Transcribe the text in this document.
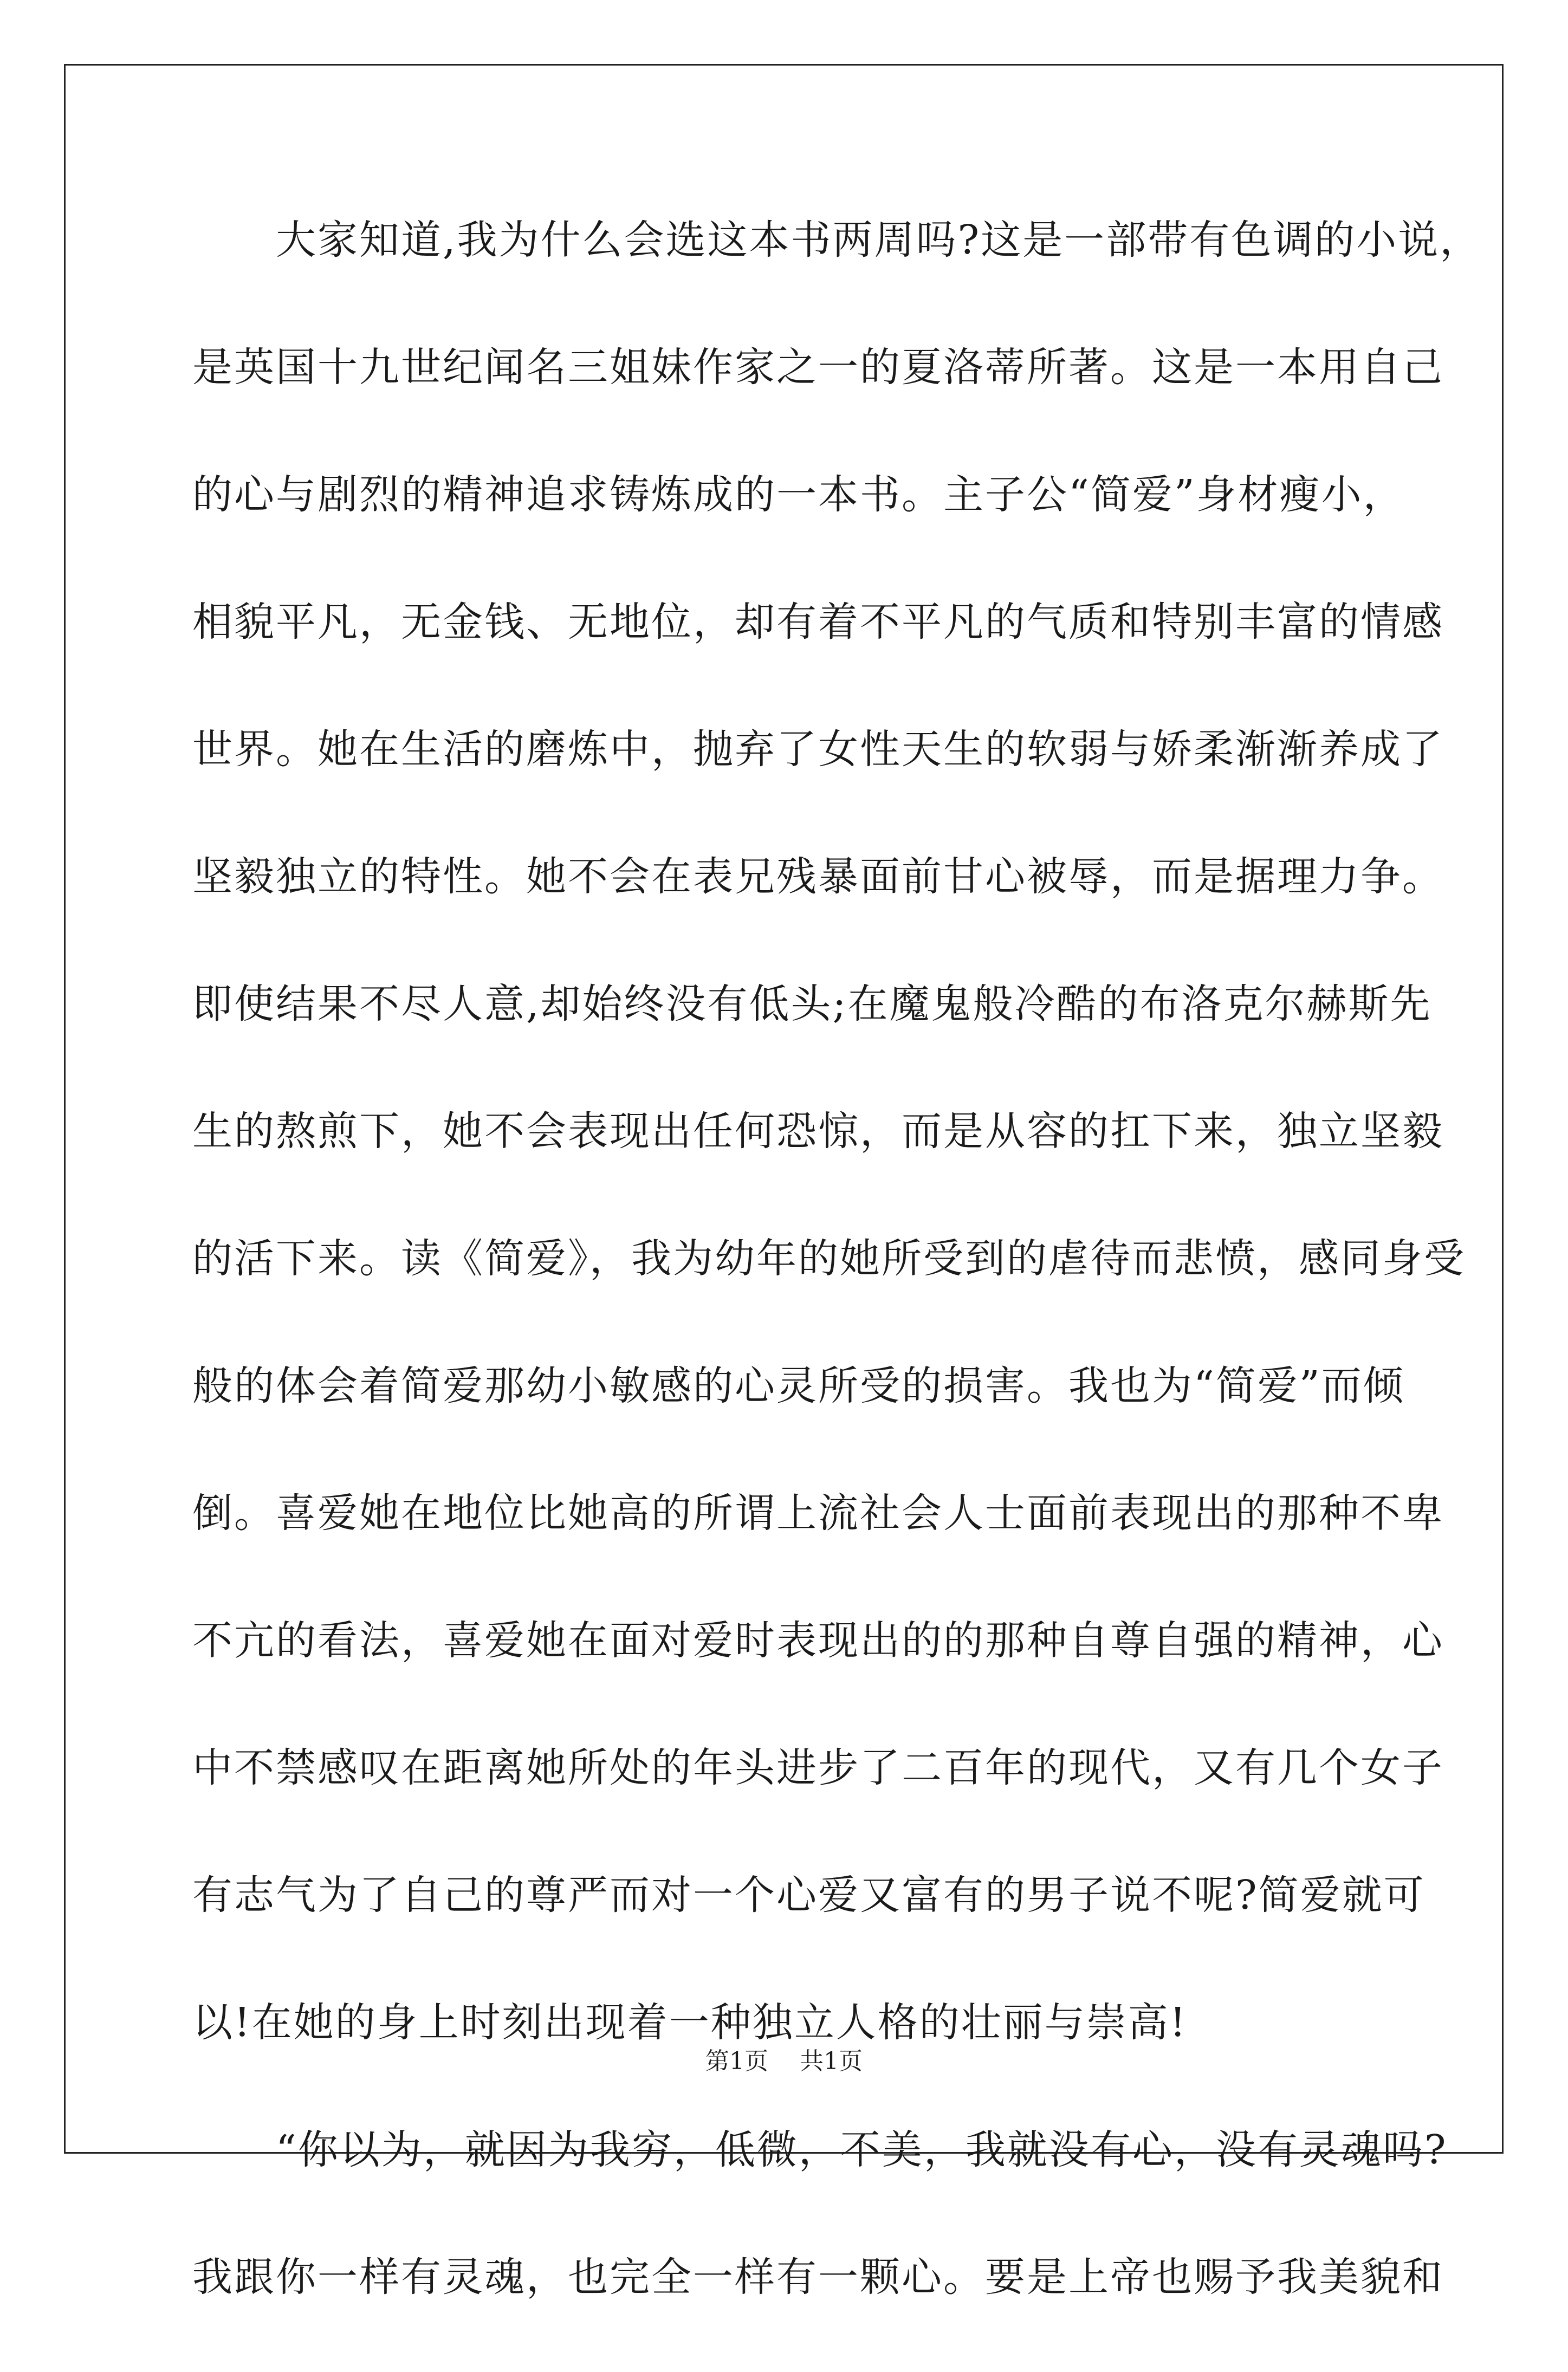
　　大家知道,我为什么会选这本书两周吗?这是一部带有色调的小说，
是英国十九世纪闻名三姐妹作家之一的夏洛蒂所著。这是一本用自己
的心与剧烈的精神追求铸炼成的一本书。主子公“简爱”身材瘦小，
相貌平凡，无金钱、无地位，却有着不平凡的气质和特别丰富的情感
世界。她在生活的磨炼中，抛弃了女性天生的软弱与娇柔渐渐养成了
坚毅独立的特性。她不会在表兄残暴面前甘心被辱，而是据理力争。
即使结果不尽人意,却始终没有低头;在魔鬼般冷酷的布洛克尔赫斯先
生的熬煎下，她不会表现出任何恐惊，而是从容的扛下来，独立坚毅
的活下来。读《简爱》，我为幼年的她所受到的虐待而悲愤，感同身受
般的体会着简爱那幼小敏感的心灵所受的损害。我也为“简爱”而倾
倒。喜爱她在地位比她高的所谓上流社会人士面前表现出的那种不卑
不亢的看法，喜爱她在面对爱时表现出的的那种自尊自强的精神，心
中不禁感叹在距离她所处的年头进步了二百年的现代，又有几个女子
有志气为了自己的尊严而对一个心爱又富有的男子说不呢?简爱就可
以!在她的身上时刻出现着一种独立人格的壮丽与崇高!
　　“你以为，就因为我穷，低微，不美，我就没有心，没有灵魂吗?
我跟你一样有灵魂，也完全一样有一颗心。要是上帝也赐予我美貌和
第1页　 共1页
